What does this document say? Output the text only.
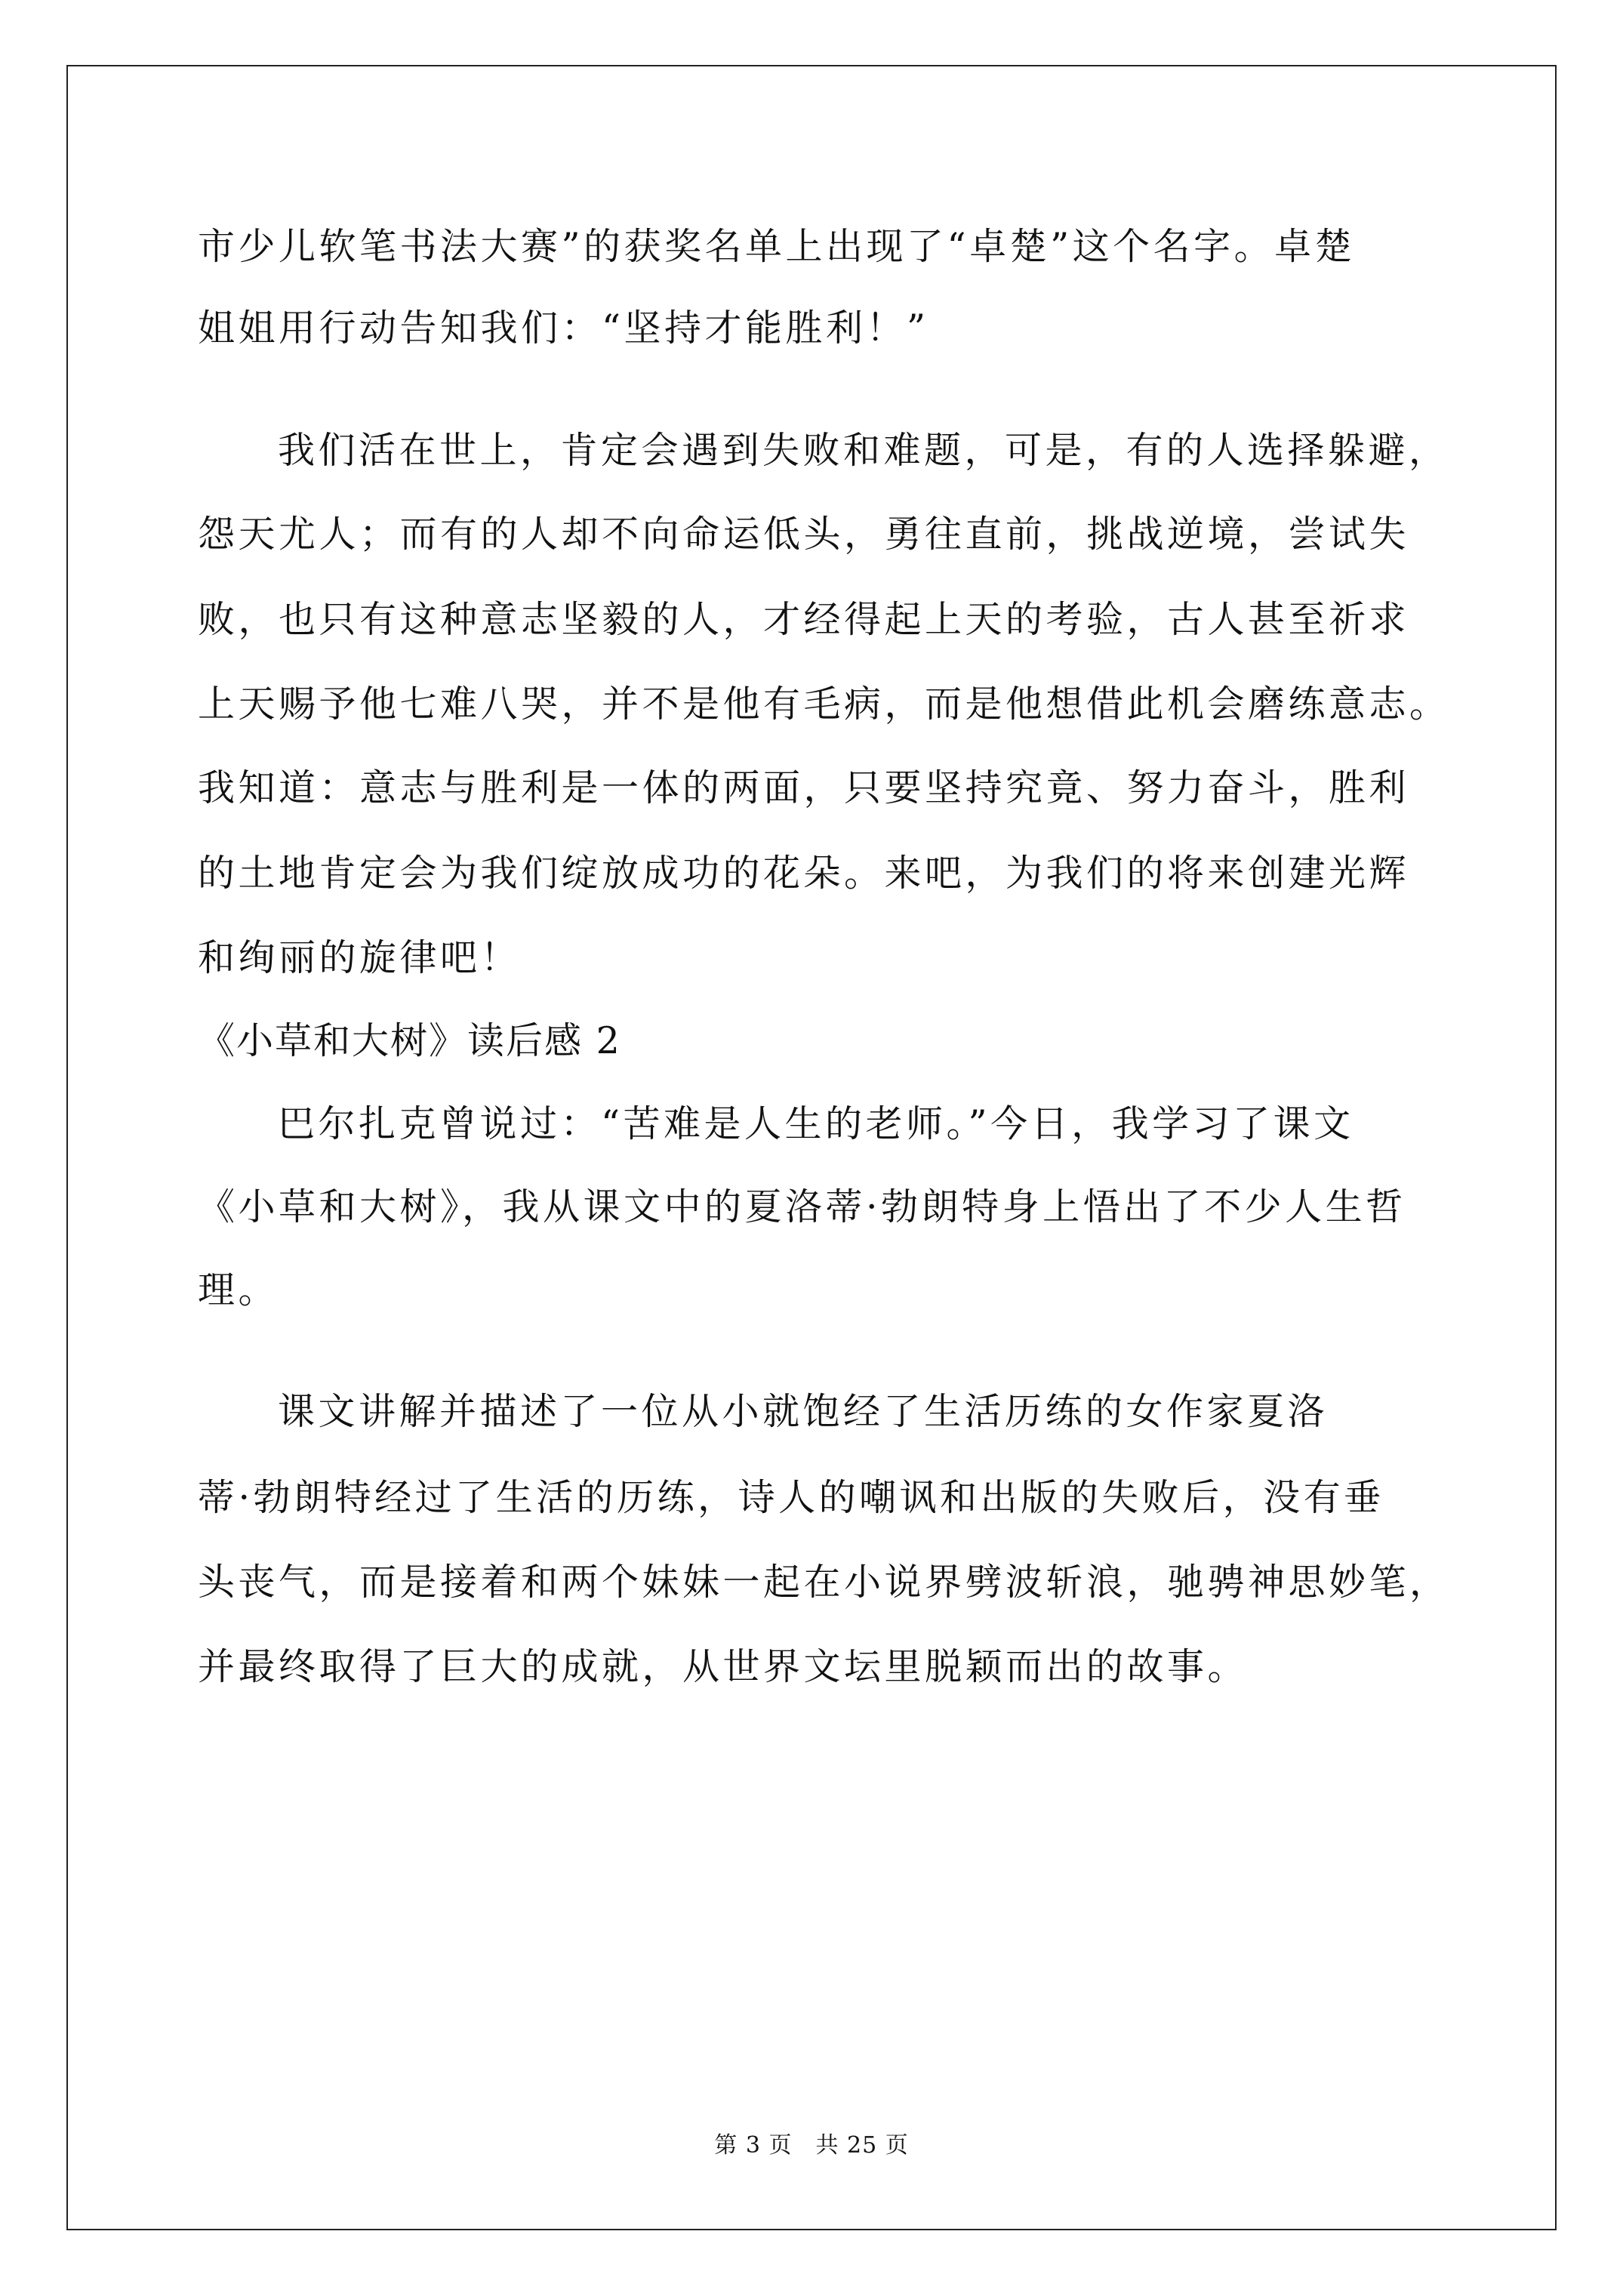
市少儿软笔书法大赛”的获奖名单上出现了“卓楚”这个名字。卓楚
姐姐用行动告知我们：“坚持才能胜利！”
我们活在世上，肯定会遇到失败和难题，可是，有的人选择躲避，
怨天尤人；而有的人却不向命运低头，勇往直前，挑战逆境，尝试失
败，也只有这种意志坚毅的人，才经得起上天的考验，古人甚至祈求
上天赐予他七难八哭，并不是他有毛病，而是他想借此机会磨练意志。
我知道：意志与胜利是一体的两面，只要坚持究竟、努力奋斗，胜利
的土地肯定会为我们绽放成功的花朵。来吧，为我们的将来创建光辉
和绚丽的旋律吧！
《小草和大树》读后感 2
巴尔扎克曾说过：“苦难是人生的老师。”今日，我学习了课文
《小草和大树》，我从课文中的夏洛蒂·勃朗特身上悟出了不少人生哲
理。
课文讲解并描述了一位从小就饱经了生活历练的女作家夏洛
蒂·勃朗特经过了生活的历练，诗人的嘲讽和出版的失败后，没有垂
头丧气，而是接着和两个妹妹一起在小说界劈波斩浪，驰骋神思妙笔，
并最终取得了巨大的成就，从世界文坛里脱颖而出的故事。
第 3 页　共 25 页
